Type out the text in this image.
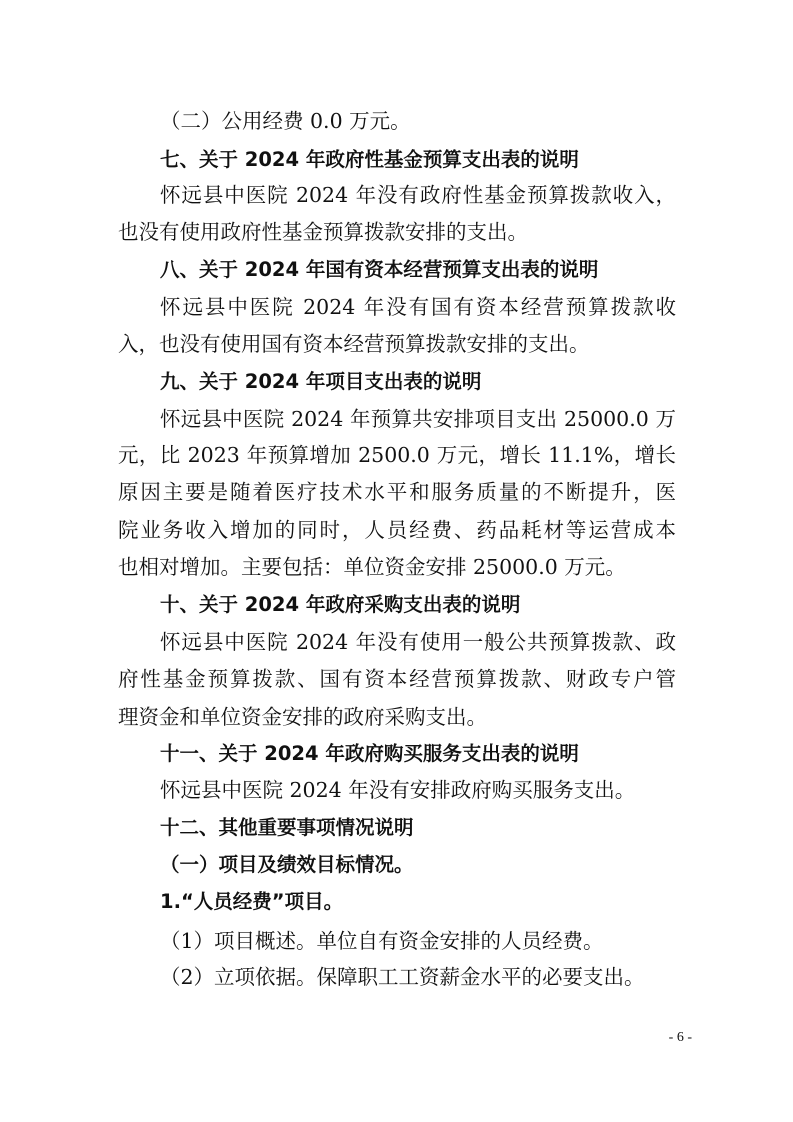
（二）公用经费 0.0 万元。
七、关于 2024 年政府性基金预算支出表的说明
怀远县中医院 2024 年没有政府性基金预算拨款收入，
也没有使用政府性基金预算拨款安排的支出。
八、关于 2024 年国有资本经营预算支出表的说明
怀远县中医院 2024 年没有国有资本经营预算拨款收
入，也没有使用国有资本经营预算拨款安排的支出。
九、关于 2024 年项目支出表的说明
怀远县中医院 2024 年预算共安排项目支出 25000.0 万
元，比 2023 年预算增加 2500.0 万元，增长 11.1%，增长
原因主要是随着医疗技术水平和服务质量的不断提升，医
院业务收入增加的同时，人员经费、药品耗材等运营成本
也相对增加。主要包括：单位资金安排 25000.0 万元。
十、关于 2024 年政府采购支出表的说明
怀远县中医院 2024 年没有使用一般公共预算拨款、政
府性基金预算拨款、国有资本经营预算拨款、财政专户管
理资金和单位资金安排的政府采购支出。
十一、关于 2024 年政府购买服务支出表的说明
怀远县中医院 2024 年没有安排政府购买服务支出。
十二、其他重要事项情况说明
（一）项目及绩效目标情况。
1.“人员经费”项目。
（1）项目概述。单位自有资金安排的人员经费。
（2）立项依据。保障职工工资薪金水平的必要支出。
- 6 -
